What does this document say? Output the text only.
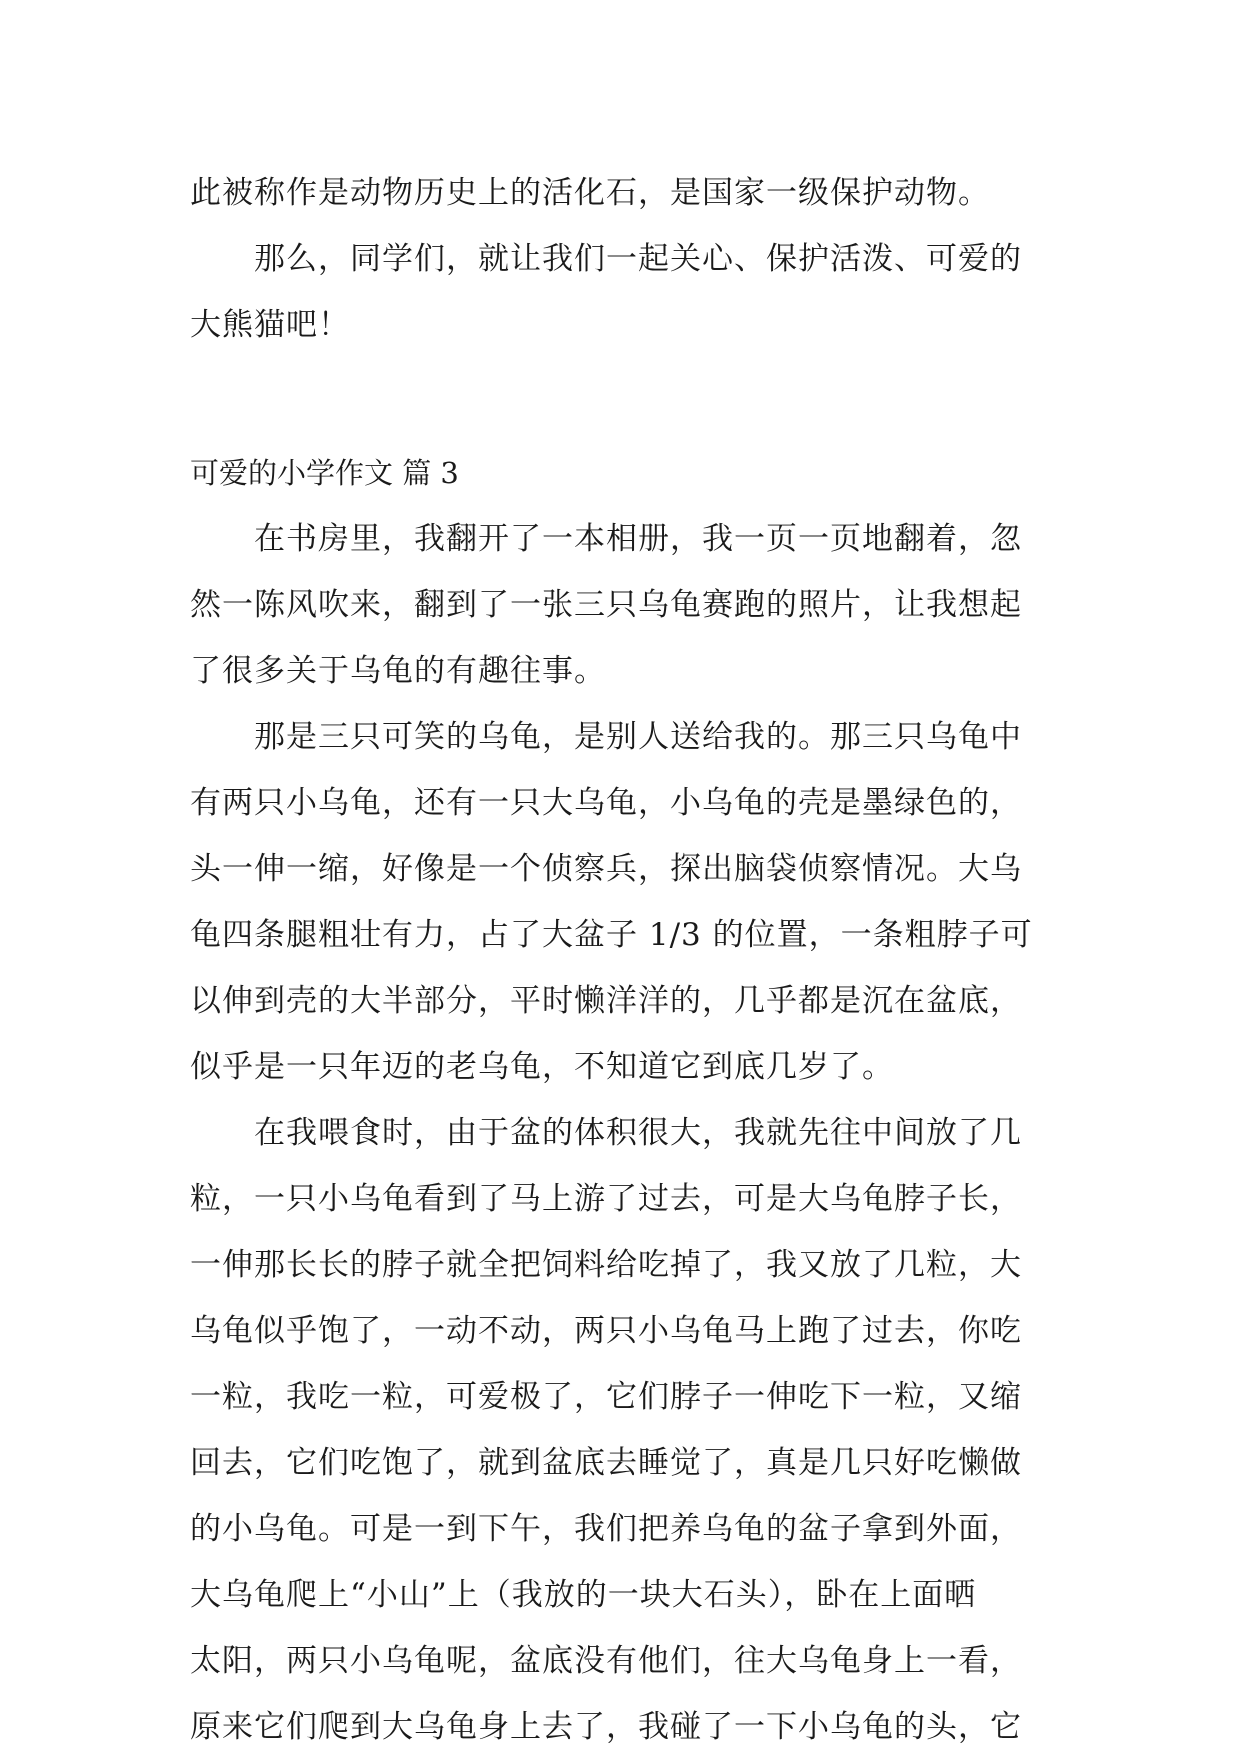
此被称作是动物历史上的活化石，是国家一级保护动物。
那么，同学们，就让我们一起关心、保护活泼、可爱的
大熊猫吧！
可爱的小学作文 篇 3
在书房里，我翻开了一本相册，我一页一页地翻着，忽
然一陈风吹来，翻到了一张三只乌龟赛跑的照片，让我想起
了很多关于乌龟的有趣往事。
那是三只可笑的乌龟，是别人送给我的。那三只乌龟中
有两只小乌龟，还有一只大乌龟，小乌龟的壳是墨绿色的，
头一伸一缩，好像是一个侦察兵，探出脑袋侦察情况。大乌
龟四条腿粗壮有力，占了大盆子 1/3 的位置，一条粗脖子可
以伸到壳的大半部分，平时懒洋洋的，几乎都是沉在盆底，
似乎是一只年迈的老乌龟，不知道它到底几岁了。
在我喂食时，由于盆的体积很大，我就先往中间放了几
粒，一只小乌龟看到了马上游了过去，可是大乌龟脖子长，
一伸那长长的脖子就全把饲料给吃掉了，我又放了几粒，大
乌龟似乎饱了，一动不动，两只小乌龟马上跑了过去，你吃
一粒，我吃一粒，可爱极了，它们脖子一伸吃下一粒，又缩
回去，它们吃饱了，就到盆底去睡觉了，真是几只好吃懒做
的小乌龟。可是一到下午，我们把养乌龟的盆子拿到外面，
大乌龟爬上“小山”上（我放的一块大石头），卧在上面晒
太阳，两只小乌龟呢，盆底没有他们，往大乌龟身上一看，
原来它们爬到大乌龟身上去了，我碰了一下小乌龟的头，它
